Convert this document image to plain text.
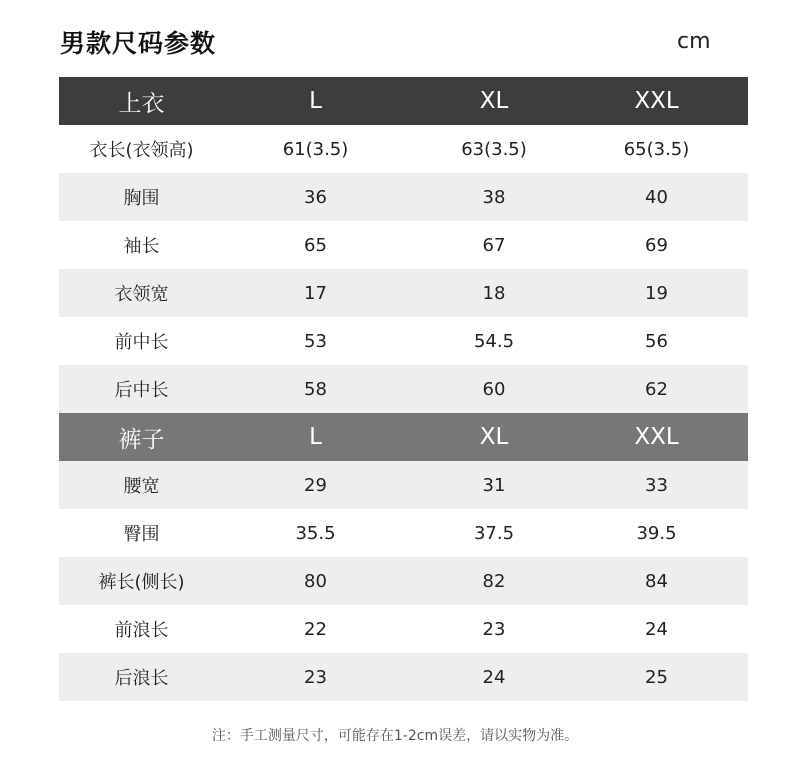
男款尺码参数	cm
上衣	L	XL	XXL
衣长(衣领高)	61(3.5)	63(3.5)	65(3.5)
胸围	36	38	40
袖长	65	67	69
衣领宽	17	18	19
前中长	53	54.5	56
后中长	58	60	62
裤子	L	XL	XXL
腰宽	29	31	33
臀围	35.5	37.5	39.5
裤长(侧长)	80	82	84
前浪长	22	23	24
后浪长	23	24	25
注：手工测量尺寸，可能存在1-2cm误差，请以实物为准。
